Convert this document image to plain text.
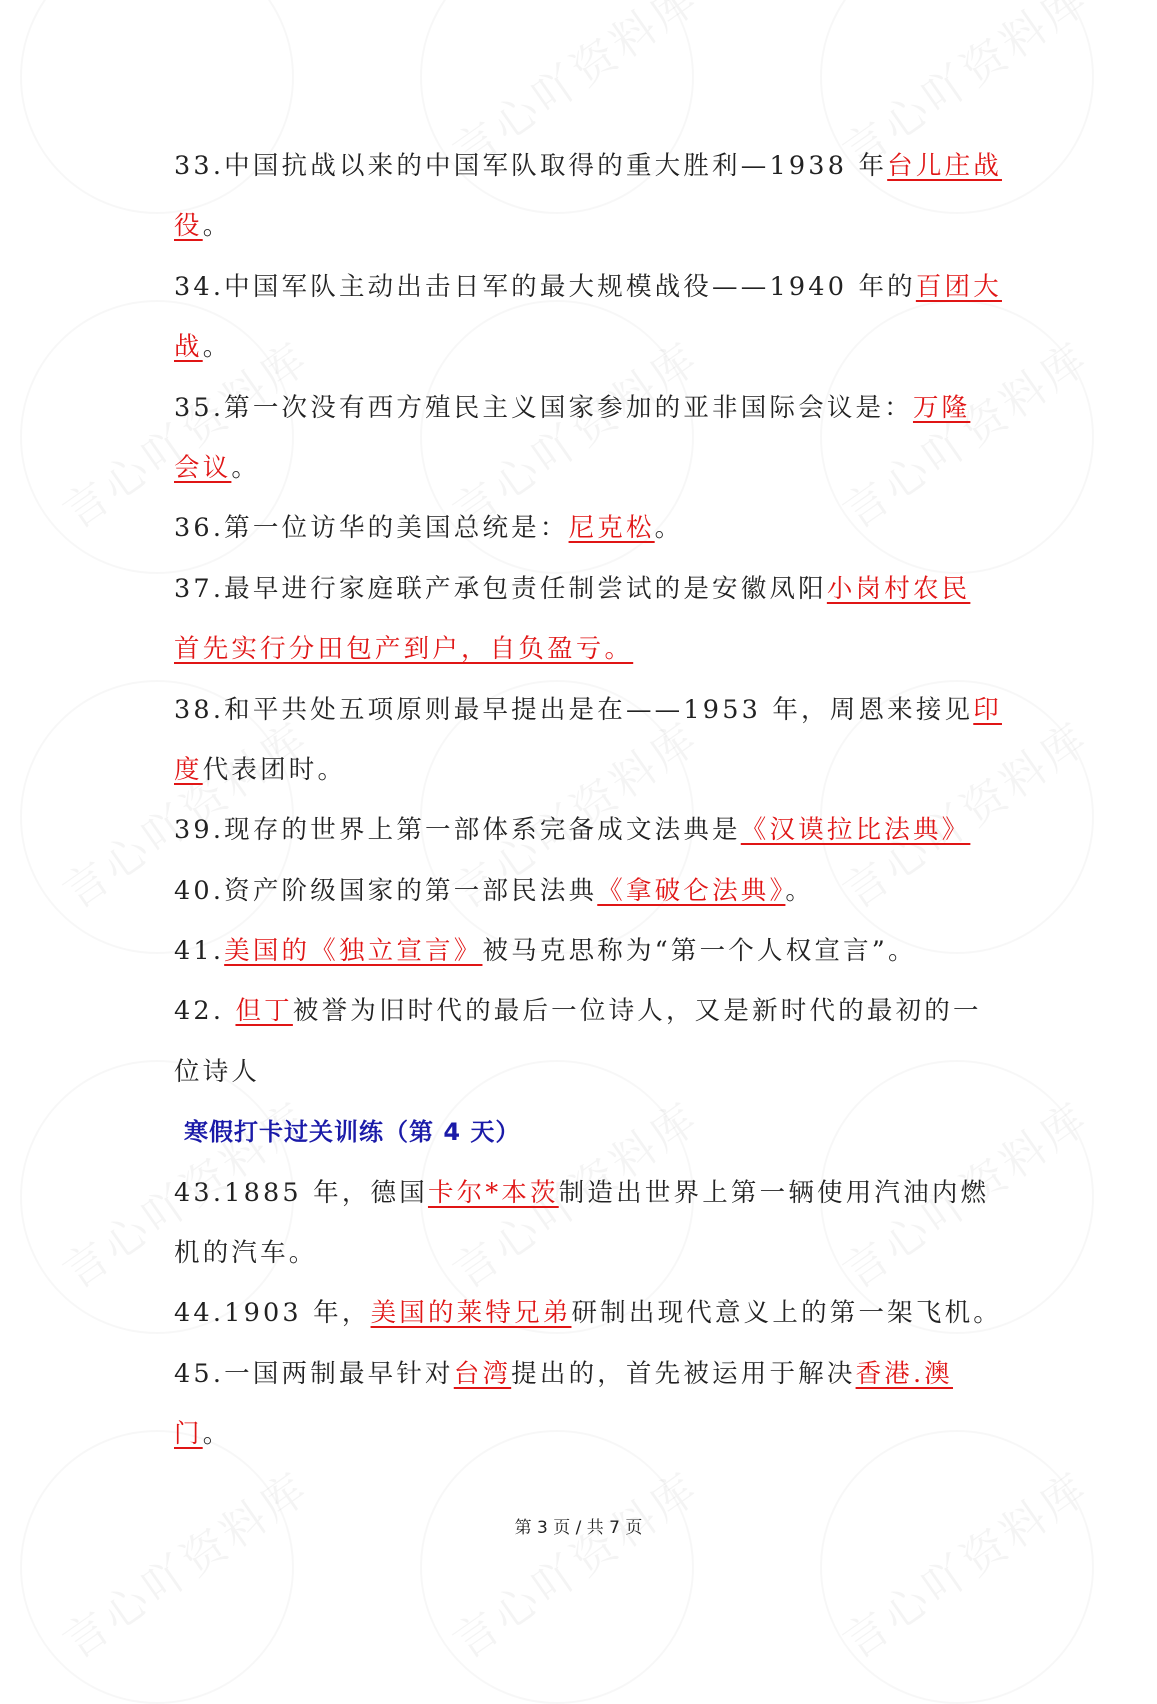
33.中国抗战以来的中国军队取得的重大胜利—1938 年台儿庄战
役。
34.中国军队主动出击日军的最大规模战役——1940 年的百团大
战。
35.第一次没有西方殖民主义国家参加的亚非国际会议是：万隆
会议。
36.第一位访华的美国总统是：尼克松。
37.最早进行家庭联产承包责任制尝试的是安徽凤阳小岗村农民
首先实行分田包产到户，自负盈亏。
38.和平共处五项原则最早提出是在——1953 年，周恩来接见印
度代表团时。
39.现存的世界上第一部体系完备成文法典是《汉谟拉比法典》
40.资产阶级国家的第一部民法典《拿破仑法典》。
41.美国的《独立宣言》被马克思称为“第一个人权宣言”。
42. 但丁被誉为旧时代的最后一位诗人，又是新时代的最初的一
位诗人
寒假打卡过关训练（第 4 天）
43.1885 年，德国卡尔*本茨制造出世界上第一辆使用汽油内燃
机的汽车。
44.1903 年，美国的莱特兄弟研制出现代意义上的第一架飞机。
45.一国两制最早针对台湾提出的，首先被运用于解决香港.澳
门。
第 3 页 / 共 7 页
